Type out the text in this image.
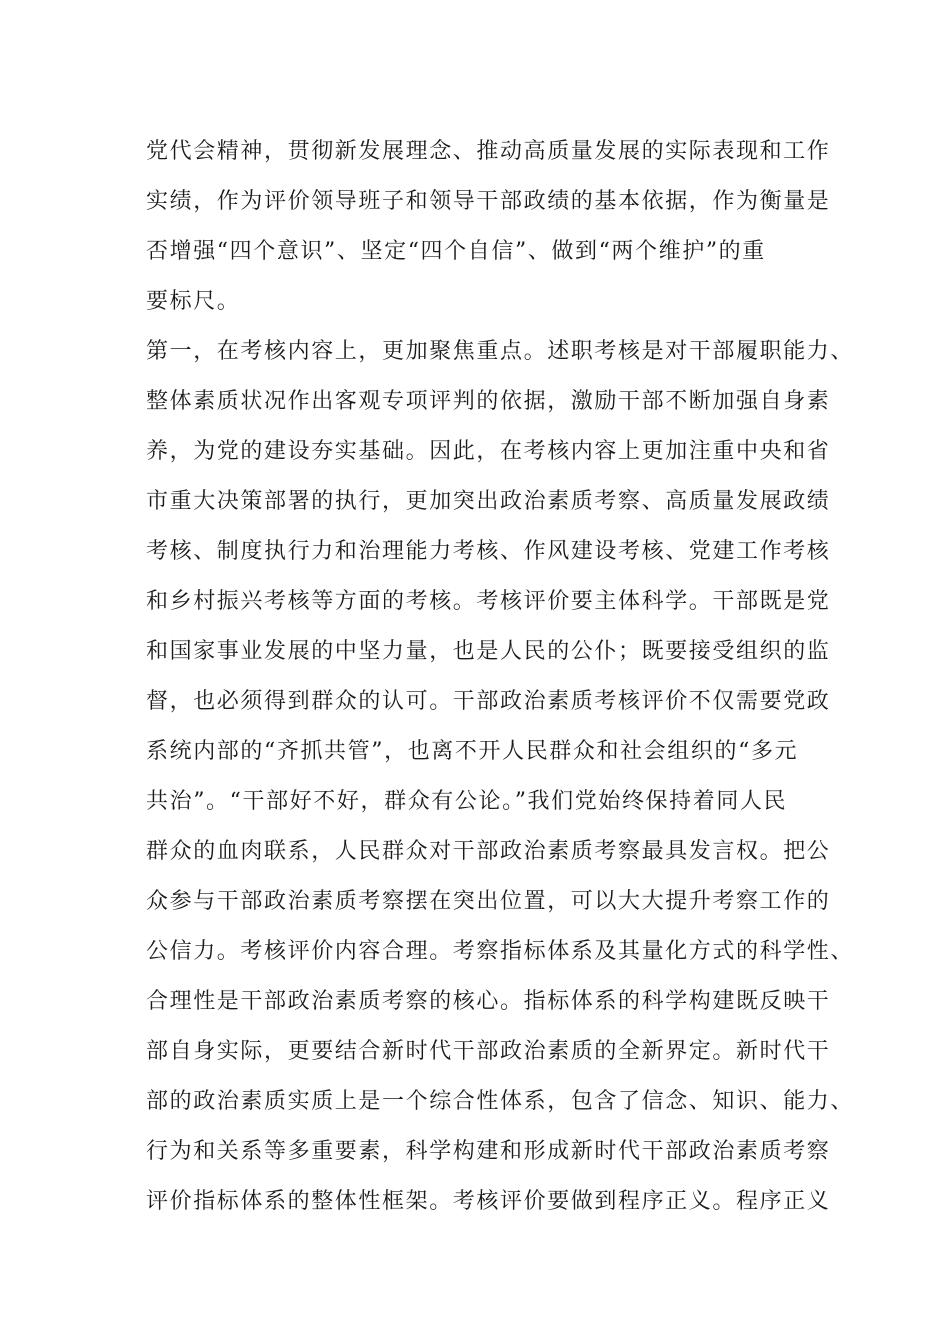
党代会精神，贯彻新发展理念、推动高质量发展的实际表现和工作
实绩，作为评价领导班子和领导干部政绩的基本依据，作为衡量是
否增强“四个意识”、坚定“四个自信”、做到“两个维护”的重
要标尺。
第一，在考核内容上，更加聚焦重点。述职考核是对干部履职能力、
整体素质状况作出客观专项评判的依据，激励干部不断加强自身素
养，为党的建设夯实基础。因此，在考核内容上更加注重中央和省
市重大决策部署的执行，更加突出政治素质考察、高质量发展政绩
考核、制度执行力和治理能力考核、作风建设考核、党建工作考核
和乡村振兴考核等方面的考核。考核评价要主体科学。干部既是党
和国家事业发展的中坚力量，也是人民的公仆；既要接受组织的监
督，也必须得到群众的认可。干部政治素质考核评价不仅需要党政
系统内部的“齐抓共管”，也离不开人民群众和社会组织的“多元
共治”。“干部好不好，群众有公论。”我们党始终保持着同人民
群众的血肉联系，人民群众对干部政治素质考察最具发言权。把公
众参与干部政治素质考察摆在突出位置，可以大大提升考察工作的
公信力。考核评价内容合理。考察指标体系及其量化方式的科学性、
合理性是干部政治素质考察的核心。指标体系的科学构建既反映干
部自身实际，更要结合新时代干部政治素质的全新界定。新时代干
部的政治素质实质上是一个综合性体系，包含了信念、知识、能力、
行为和关系等多重要素，科学构建和形成新时代干部政治素质考察
评价指标体系的整体性框架。考核评价要做到程序正义。程序正义
